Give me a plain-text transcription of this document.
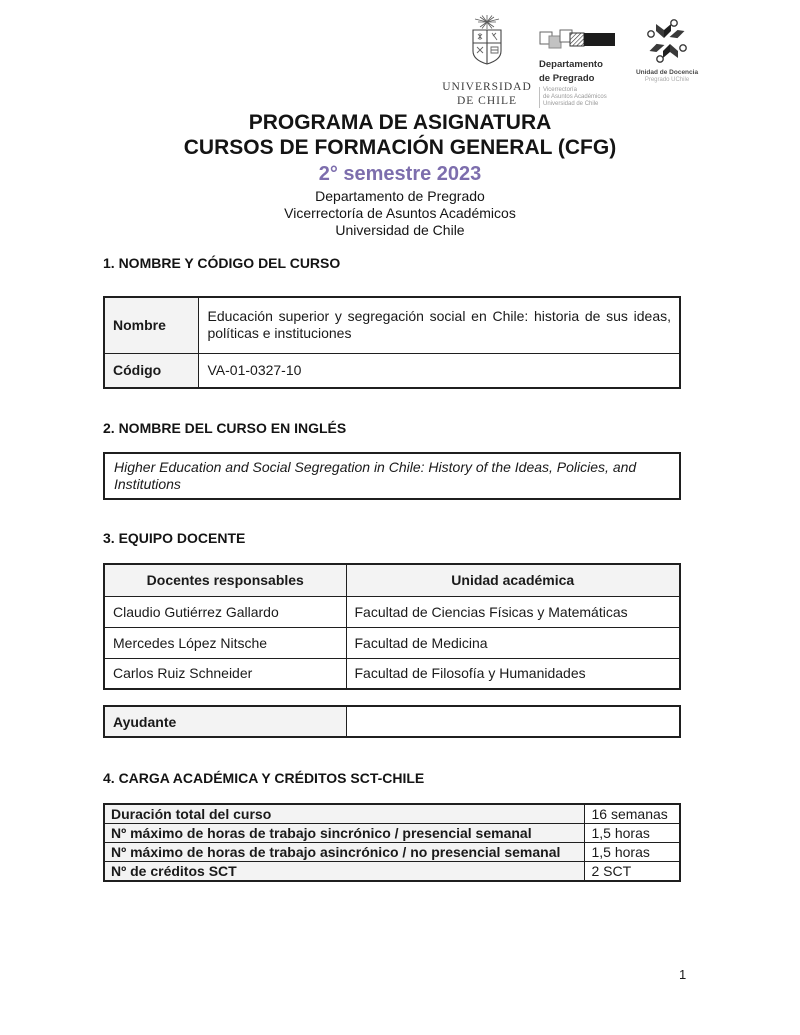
UNIVERSIDAD
DE CHILE
Departamento
de Pregrado
Vicerrectoría
de Asuntos Académicos
Universidad de Chile
Unidad de Docencia
Pregrado UChile
PROGRAMA DE ASIGNATURA
CURSOS DE FORMACIÓN GENERAL (CFG)
2° semestre 2023
Departamento de Pregrado
Vicerrectoría de Asuntos Académicos
Universidad de Chile
1. NOMBRE Y CÓDIGO DEL CURSO
Nombre	Educación superior y segregación social en Chile: historia de sus ideas, políticas e instituciones
Código	VA-01-0327-10
2. NOMBRE DEL CURSO EN INGLÉS
Higher Education and Social Segregation in Chile: History of the Ideas, Policies, and Institutions
3. EQUIPO DOCENTE
Docentes responsables	Unidad académica
Claudio Gutiérrez Gallardo	Facultad de Ciencias Físicas y Matemáticas
Mercedes López Nitsche	Facultad de Medicina
Carlos Ruiz Schneider	Facultad de Filosofía y Humanidades
Ayudante	
4. CARGA ACADÉMICA Y CRÉDITOS SCT-CHILE
Duración total del curso	16 semanas
Nº máximo de horas de trabajo sincrónico / presencial semanal	1,5 horas
Nº máximo de horas de trabajo asincrónico / no presencial semanal	1,5 horas
Nº de créditos SCT	2 SCT
1
